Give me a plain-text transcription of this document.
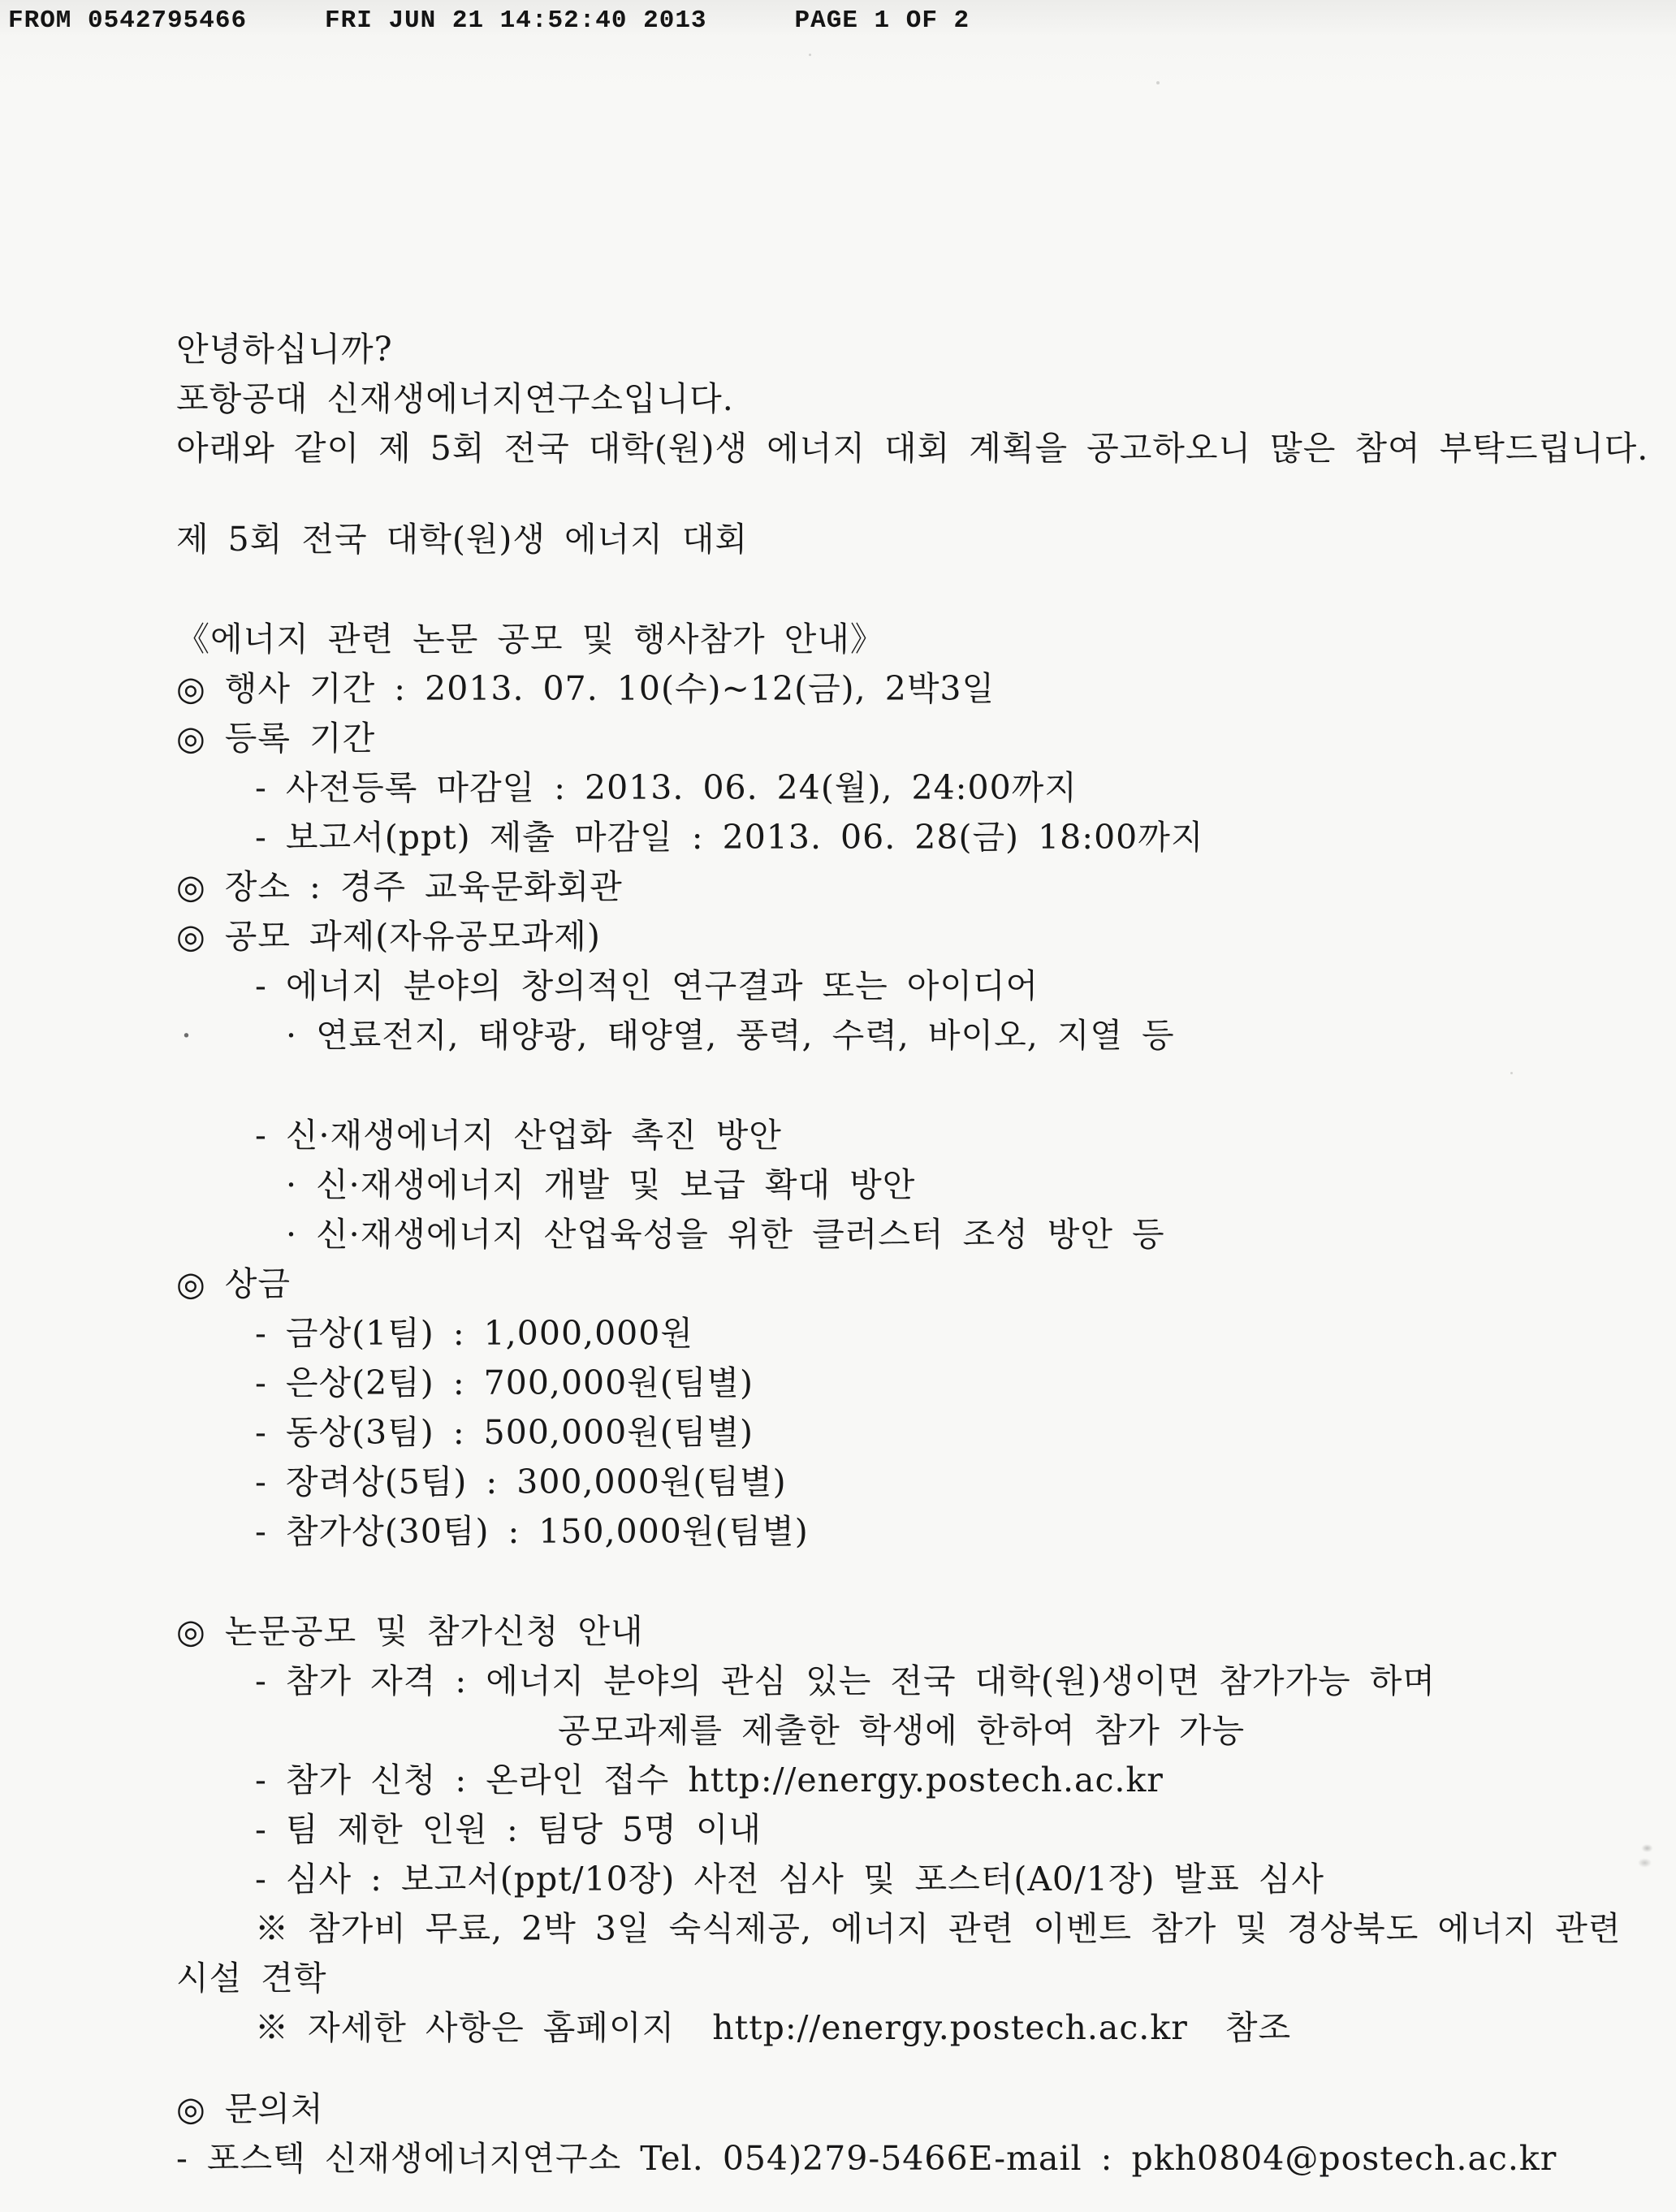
FROM 0542795466	FRI JUN 21 14:52:40 2013	PAGE 1 OF 2
안녕하십니까?
포항공대 신재생에너지연구소입니다.
아래와 같이 제 5회 전국 대학(원)생 에너지 대회 계획을 공고하오니 많은 참여 부탁드립니다.
제 5회 전국 대학(원)생 에너지 대회
《에너지 관련 논문 공모 및 행사참가 안내》
◎ 행사 기간 : 2013. 07. 10(수)~12(금), 2박3일
◎ 등록 기간
- 사전등록 마감일 : 2013. 06. 24(월), 24:00까지
- 보고서(ppt) 제출 마감일 : 2013. 06. 28(금) 18:00까지
◎ 장소 : 경주 교육문화회관
◎ 공모 과제(자유공모과제)
- 에너지 분야의 창의적인 연구결과 또는 아이디어
·	· 연료전지, 태양광, 태양열, 풍력, 수력, 바이오, 지열 등
- 신·재생에너지 산업화 촉진 방안
· 신·재생에너지 개발 및 보급 확대 방안
· 신·재생에너지 산업육성을 위한 클러스터 조성 방안 등
◎ 상금
- 금상(1팀) : 1,000,000원
- 은상(2팀) : 700,000원(팀별)
- 동상(3팀) : 500,000원(팀별)
- 장려상(5팀) : 300,000원(팀별)
- 참가상(30팀) : 150,000원(팀별)
◎ 논문공모 및 참가신청 안내
- 참가 자격 : 에너지 분야의 관심 있는 전국 대학(원)생이면 참가가능 하며
공모과제를 제출한 학생에 한하여 참가 가능
- 참가 신청 : 온라인 접수 http://energy.postech.ac.kr
- 팀 제한 인원 : 팀당 5명 이내
- 심사 : 보고서(ppt/10장) 사전 심사 및 포스터(A0/1장) 발표 심사
※ 참가비 무료, 2박 3일 숙식제공, 에너지 관련 이벤트 참가 및 경상북도 에너지 관련
시설 견학
※ 자세한 사항은 홈페이지  http://energy.postech.ac.kr  참조
◎ 문의처
- 포스텍 신재생에너지연구소 Tel. 054)279-5466E-mail : pkh0804@postech.ac.kr
